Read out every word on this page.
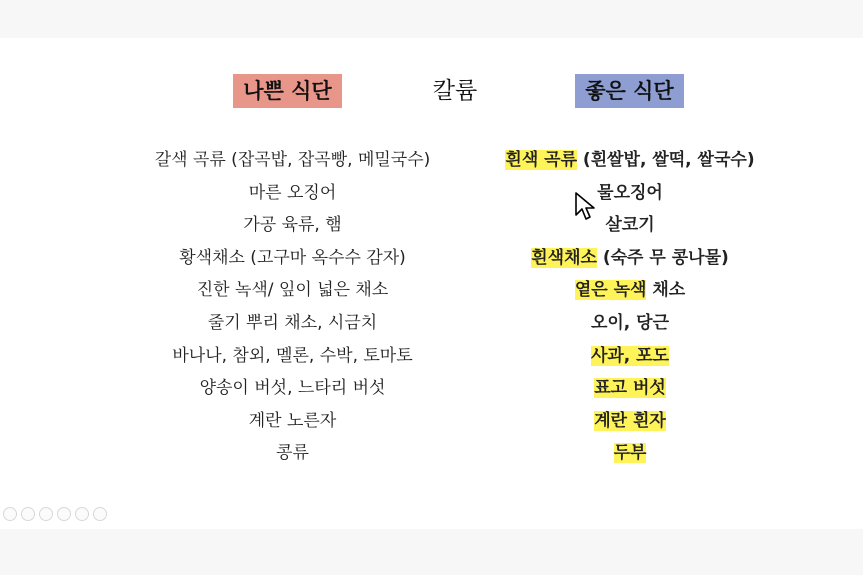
나쁜 식단	칼륨	좋은 식단
갈색 곡류 (잡곡밥, 잡곡빵, 메밀국수)
마른 오징어
가공 육류, 햄
황색채소 (고구마 옥수수 감자)
진한 녹색/ 잎이 넓은 채소
줄기 뿌리 채소, 시금치
바나나, 참외, 멜론, 수박, 토마토
양송이 버섯, 느타리 버섯
계란 노른자
콩류
흰색 곡류 (흰쌀밥, 쌀떡, 쌀국수)
물오징어
살코기
흰색채소 (숙주 무 콩나물)
옅은 녹색 채소
오이, 당근
사과, 포도
표고 버섯
계란 흰자
두부
